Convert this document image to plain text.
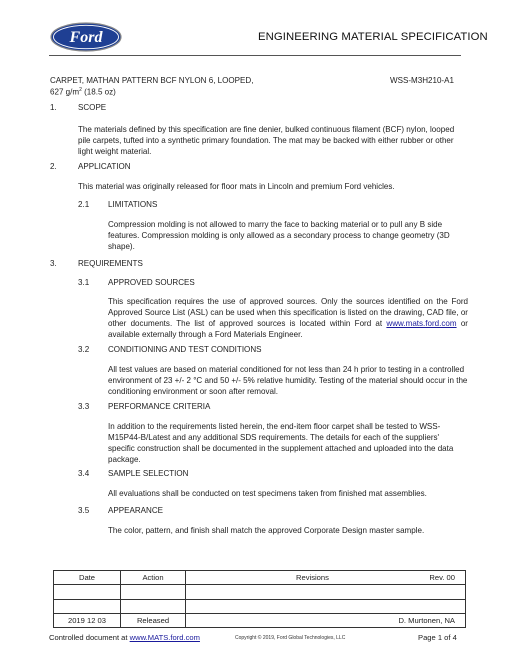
Ford	ENGINEERING MATERIAL SPECIFICATION
CARPET, MATHAN PATTERN BCF NYLON 6, LOOPED,
627 $g/m^2$ (18.5 oz)
WSS-M3H210-A1
1.	SCOPE
The materials defined by this specification are fine denier, bulked continuous filament (BCF) nylon, looped pile carpets, tufted into a synthetic primary foundation. The mat may be backed with either rubber or other light weight material.
2.	APPLICATION
This material was originally released for floor mats in Lincoln and premium Ford vehicles.
2.1 LIMITATIONS
Compression molding is not allowed to marry the face to backing material or to pull any B side features. Compression molding is only allowed as a secondary process to change geometry (3D shape).
3.	REQUIREMENTS
3.1 APPROVED SOURCES
This specification requires the use of approved sources. Only the sources identified on the Ford Approved Source List (ASL) can be used when this specification is listed on the drawing, CAD file, or other documents. The list of approved sources is located within Ford at www.mats.ford.com or available externally through a Ford Materials Engineer.
3.2 CONDITIONING AND TEST CONDITIONS
All test values are based on material conditioned for not less than 24 h prior to testing in a controlled environment of 23 +/- 2 °C and 50 +/- 5% relative humidity. Testing of the material should occur in the conditioning environment or soon after removal.
3.3 PERFORMANCE CRITERIA
In addition to the requirements listed herein, the end-item floor carpet shall be tested to WSS-M15P44-B/Latest and any additional SDS requirements. The details for each of the suppliers' specific construction shall be documented in the supplement attached and uploaded into the data package.
3.4 SAMPLE SELECTION
All evaluations shall be conducted on test specimens taken from finished mat assemblies.
3.5 APPEARANCE
The color, pattern, and finish shall match the approved Corporate Design master sample.
Date	Action	Revisions Rev. 00

2019 12 03	Released	D. Murtonen, NA
Controlled document at www.MATS.ford.com	Copyright © 2019, Ford Global Technologies, LLC	Page 1 of 4
